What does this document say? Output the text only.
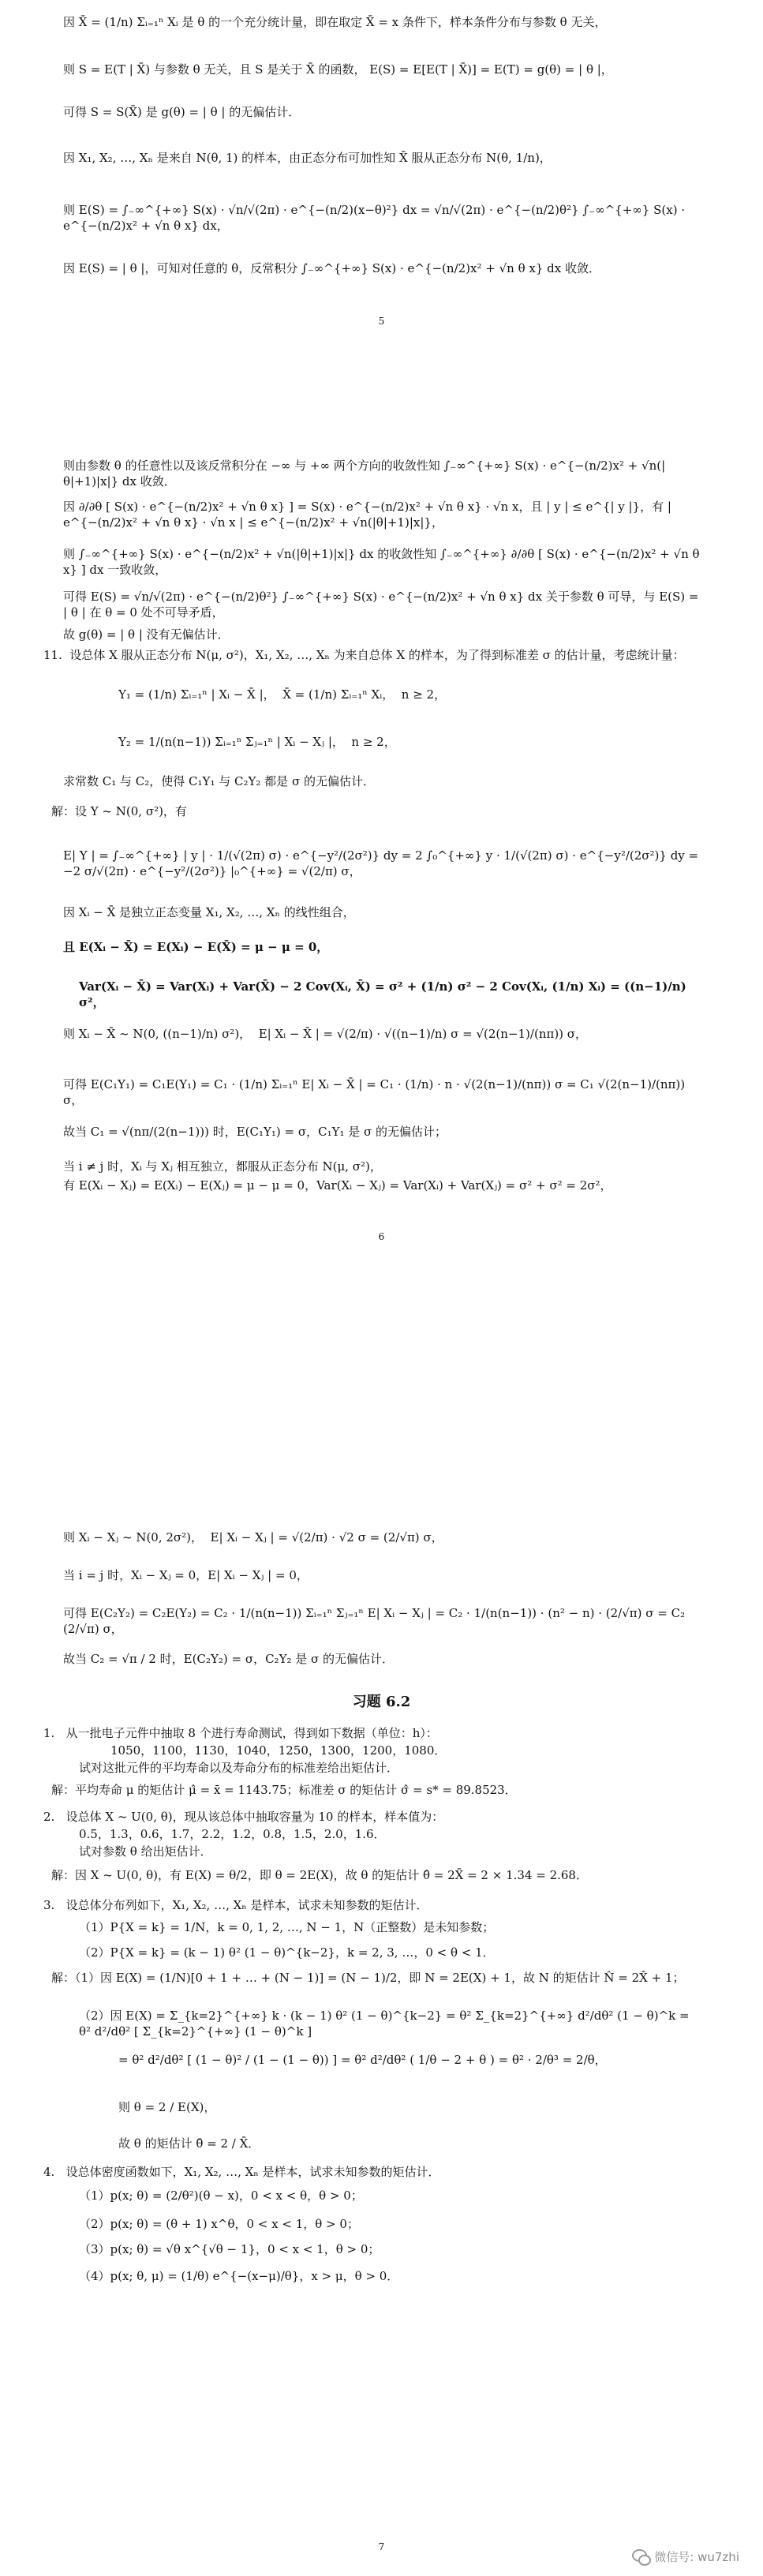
因 X̄ = (1/n) Σᵢ₌₁ⁿ Xᵢ 是 θ 的一个充分统计量，即在取定 X̄ = x 条件下，样本条件分布与参数 θ 无关，
则 S = E(T | X̄) 与参数 θ 无关，且 S 是关于 X̄ 的函数， E(S) = E[E(T | X̄)] = E(T) = g(θ) = | θ |，
可得 S = S(X̄) 是 g(θ) = | θ | 的无偏估计．
因 X₁, X₂, …, Xₙ 是来自 N(θ, 1) 的样本，由正态分布可加性知 X̄ 服从正态分布 N(θ, 1/n)，
则 E(S) = ∫₋∞^{+∞} S(x) · √n/√(2π) · e^{−(n/2)(x−θ)²} dx = √n/√(2π) · e^{−(n/2)θ²} ∫₋∞^{+∞} S(x) · e^{−(n/2)x² + √n θ x} dx，
因 E(S) = | θ |，可知对任意的 θ，反常积分 ∫₋∞^{+∞} S(x) · e^{−(n/2)x² + √n θ x} dx 收敛．
5
则由参数 θ 的任意性以及该反常积分在 −∞ 与 +∞ 两个方向的收敛性知 ∫₋∞^{+∞} S(x) · e^{−(n/2)x² + √n(|θ|+1)|x|} dx 收敛．
因 ∂/∂θ [ S(x) · e^{−(n/2)x² + √n θ x} ] = S(x) · e^{−(n/2)x² + √n θ x} · √n x，且 | y | ≤ e^{| y |}，有 | e^{−(n/2)x² + √n θ x} · √n x | ≤ e^{−(n/2)x² + √n(|θ|+1)|x|}，
则 ∫₋∞^{+∞} S(x) · e^{−(n/2)x² + √n(|θ|+1)|x|} dx 的收敛性知 ∫₋∞^{+∞} ∂/∂θ [ S(x) · e^{−(n/2)x² + √n θ x} ] dx 一致收敛，
可得 E(S) = √n/√(2π) · e^{−(n/2)θ²} ∫₋∞^{+∞} S(x) · e^{−(n/2)x² + √n θ x} dx 关于参数 θ 可导，与 E(S) = | θ | 在 θ = 0 处不可导矛盾，
故 g(θ) = | θ | 没有无偏估计．
11.  设总体 X 服从正态分布 N(μ, σ²)，X₁, X₂, …, Xₙ 为来自总体 X 的样本，为了得到标准差 σ 的估计量，考虑统计量：
Y₁ = (1/n) Σᵢ₌₁ⁿ | Xᵢ − X̄ |，  X̄ = (1/n) Σᵢ₌₁ⁿ Xᵢ，  n ≥ 2，
Y₂ = 1/(n(n−1)) Σᵢ₌₁ⁿ Σⱼ₌₁ⁿ | Xᵢ − Xⱼ |，  n ≥ 2，
求常数 C₁ 与 C₂，使得 C₁Y₁ 与 C₂Y₂ 都是 σ 的无偏估计．
解：设 Y ~ N(0, σ²)，有
E| Y | = ∫₋∞^{+∞} | y | · 1/(√(2π) σ) · e^{−y²/(2σ²)} dy = 2 ∫₀^{+∞} y · 1/(√(2π) σ) · e^{−y²/(2σ²)} dy = −2 σ/√(2π) · e^{−y²/(2σ²)} |₀^{+∞} = √(2/π) σ，
因 Xᵢ − X̄ 是独立正态变量 X₁, X₂, …, Xₙ 的线性组合，
且 E(Xᵢ − X̄) = E(Xᵢ) − E(X̄) = μ − μ = 0，
Var(Xᵢ − X̄) = Var(Xᵢ) + Var(X̄) − 2 Cov(Xᵢ, X̄) = σ² + (1/n) σ² − 2 Cov(Xᵢ, (1/n) Xᵢ) = ((n−1)/n) σ²，
则 Xᵢ − X̄ ~ N(0, ((n−1)/n) σ²)，  E| Xᵢ − X̄ | = √(2/π) · √((n−1)/n) σ = √(2(n−1)/(nπ)) σ，
可得 E(C₁Y₁) = C₁E(Y₁) = C₁ · (1/n) Σᵢ₌₁ⁿ E| Xᵢ − X̄ | = C₁ · (1/n) · n · √(2(n−1)/(nπ)) σ = C₁ √(2(n−1)/(nπ)) σ，
故当 C₁ = √(nπ/(2(n−1))) 时，E(C₁Y₁) = σ，C₁Y₁ 是 σ 的无偏估计；
当 i ≠ j 时，Xᵢ 与 Xⱼ 相互独立，都服从正态分布 N(μ, σ²)，
有 E(Xᵢ − Xⱼ) = E(Xᵢ) − E(Xⱼ) = μ − μ = 0，Var(Xᵢ − Xⱼ) = Var(Xᵢ) + Var(Xⱼ) = σ² + σ² = 2σ²，
6
则 Xᵢ − Xⱼ ~ N(0, 2σ²)，  E| Xᵢ − Xⱼ | = √(2/π) · √2 σ = (2/√π) σ，
当 i = j 时，Xᵢ − Xⱼ = 0，E| Xᵢ − Xⱼ | = 0，
可得 E(C₂Y₂) = C₂E(Y₂) = C₂ · 1/(n(n−1)) Σᵢ₌₁ⁿ Σⱼ₌₁ⁿ E| Xᵢ − Xⱼ | = C₂ · 1/(n(n−1)) · (n² − n) · (2/√π) σ = C₂ (2/√π) σ，
故当 C₂ = √π / 2 时，E(C₂Y₂) = σ，C₂Y₂ 是 σ 的无偏估计．
习题 6.2
1.   从一批电子元件中抽取 8 个进行寿命测试，得到如下数据（单位：h）：
1050，1100，1130，1040，1250，1300，1200，1080．
试对这批元件的平均寿命以及寿命分布的标准差给出矩估计．
解：平均寿命 μ 的矩估计 μ̂ = x̄ = 1143.75；标准差 σ 的矩估计 σ̂ = s* = 89.8523．
2.   设总体 X ~ U(0, θ)，现从该总体中抽取容量为 10 的样本，样本值为：
0.5，1.3，0.6，1.7，2.2，1.2，0.8，1.5，2.0，1.6．
试对参数 θ 给出矩估计．
解：因 X ~ U(0, θ)，有 E(X) = θ/2，即 θ = 2E(X)，故 θ 的矩估计 θ̂ = 2X̄ = 2 × 1.34 = 2.68．
3.   设总体分布列如下，X₁, X₂, …, Xₙ 是样本，试求未知参数的矩估计．
（1）P{X = k} = 1/N，k = 0, 1, 2, …, N − 1，N（正整数）是未知参数；
（2）P{X = k} = (k − 1) θ² (1 − θ)^{k−2}，k = 2, 3, …，0 < θ < 1．
解：（1）因 E(X) = (1/N)[0 + 1 + … + (N − 1)] = (N − 1)/2，即 N = 2E(X) + 1，故 N 的矩估计 N̂ = 2X̄ + 1；
（2）因 E(X) = Σ_{k=2}^{+∞} k · (k − 1) θ² (1 − θ)^{k−2} = θ² Σ_{k=2}^{+∞} d²/dθ² (1 − θ)^k = θ² d²/dθ² [ Σ_{k=2}^{+∞} (1 − θ)^k ]
= θ² d²/dθ² [ (1 − θ)² / (1 − (1 − θ)) ] = θ² d²/dθ² ( 1/θ − 2 + θ ) = θ² · 2/θ³ = 2/θ，
则 θ = 2 / E(X)，
故 θ 的矩估计 θ̂ = 2 / X̄．
4.   设总体密度函数如下，X₁, X₂, …, Xₙ 是样本，试求未知参数的矩估计．
（1）p(x; θ) = (2/θ²)(θ − x)，0 < x < θ，θ > 0；
（2）p(x; θ) = (θ + 1) x^θ，0 < x < 1，θ > 0；
（3）p(x; θ) = √θ x^{√θ − 1}，0 < x < 1，θ > 0；
（4）p(x; θ, μ) = (1/θ) e^{−(x−μ)/θ}，x > μ，θ > 0．
7
微信号: wu7zhi
